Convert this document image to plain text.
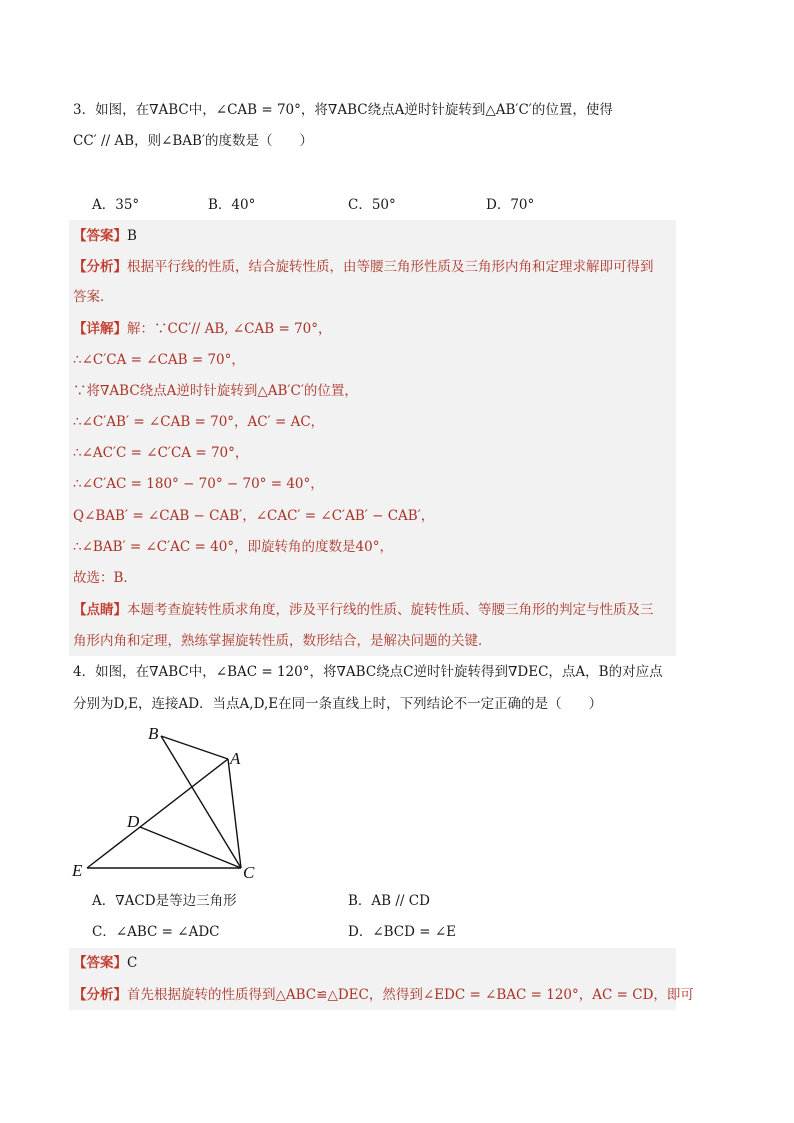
3．如图，在∇ABC中，∠CAB = 70°，将∇ABC绕点A逆时针旋转到△AB′C′的位置，使得
CC′ // AB，则∠BAB′的度数是（　　）
A．35°	B．40°	C．50°	D．70°
【答案】B
【分析】根据平行线的性质，结合旋转性质，由等腰三角形性质及三角形内角和定理求解即可得到
答案．
【详解】解：∵CC′// AB, ∠CAB = 70°，
∴∠C′CA = ∠CAB = 70°，
∵将∇ABC绕点A逆时针旋转到△AB′C′的位置，
∴∠C′AB′ = ∠CAB = 70°，AC′ = AC，
∴∠AC′C = ∠C′CA = 70°，
∴∠C′AC = 180° − 70° − 70° = 40°，
Q∠BAB′ = ∠CAB − CAB′，∠CAC′ = ∠C′AB′ − CAB′，
∴∠BAB′ = ∠C′AC = 40°，即旋转角的度数是40°，
故选：B．
【点睛】本题考查旋转性质求角度，涉及平行线的性质、旋转性质、等腰三角形的判定与性质及三
角形内角和定理，熟练掌握旋转性质，数形结合，是解决问题的关键．
4．如图，在∇ABC中，∠BAC = 120°，将∇ABC绕点C逆时针旋转得到∇DEC，点A，B的对应点
分别为D,E，连接AD．当点A,D,E在同一条直线上时，下列结论不一定正确的是（　　）
B
A
D
E	C
A．∇ACD是等边三角形	B．AB // CD
C．∠ABC = ∠ADC	D．∠BCD = ∠E
【答案】C
【分析】首先根据旋转的性质得到△ABC≌△DEC，然得到∠EDC = ∠BAC = 120°，AC = CD，即可
